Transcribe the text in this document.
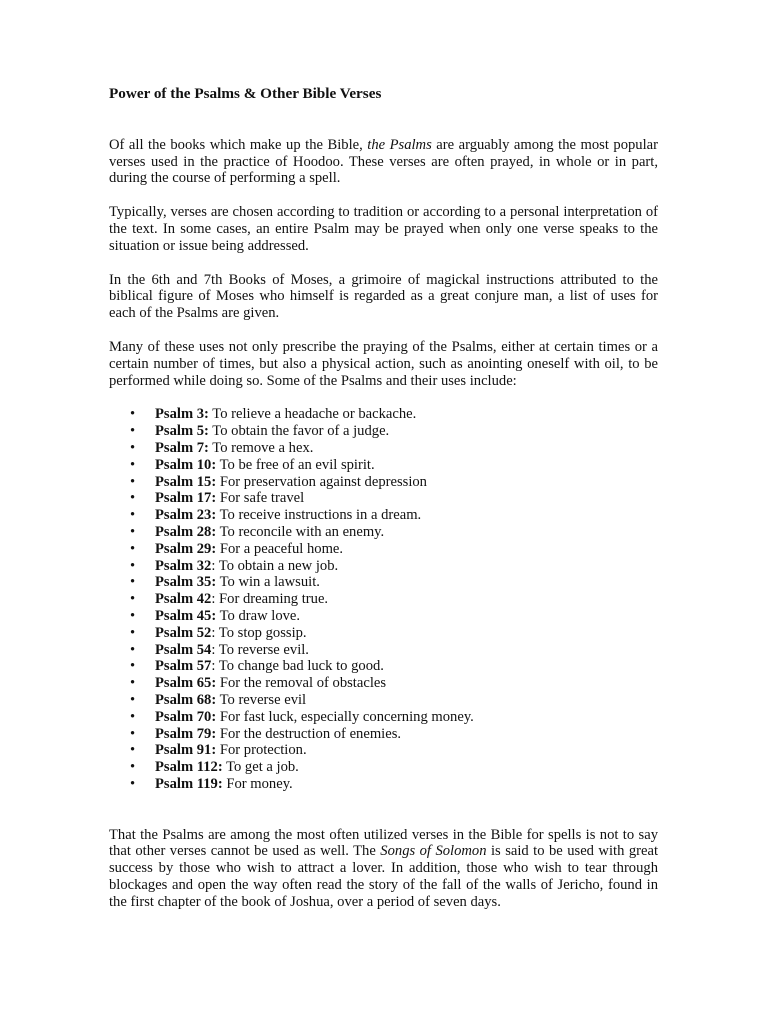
Power of the Psalms & Other Bible Verses

Of all the books which make up the Bible, the Psalms are arguably among the most popular verses used in the practice of Hoodoo. These verses are often prayed, in whole or in part, during the course of performing a spell.

Typically, verses are chosen according to tradition or according to a personal interpretation of the text. In some cases, an entire Psalm may be prayed when only one verse speaks to the situation or issue being addressed.

In the 6th and 7th Books of Moses, a grimoire of magickal instructions attributed to the biblical figure of Moses who himself is regarded as a great conjure man, a list of uses for each of the Psalms are given.

Many of these uses not only prescribe the praying of the Psalms, either at certain times or a certain number of times, but also a physical action, such as anointing oneself with oil, to be performed while doing so. Some of the Psalms and their uses include:

• Psalm 3: To relieve a headache or backache.
• Psalm 5: To obtain the favor of a judge.
• Psalm 7: To remove a hex.
• Psalm 10: To be free of an evil spirit.
• Psalm 15: For preservation against depression
• Psalm 17: For safe travel
• Psalm 23: To receive instructions in a dream.
• Psalm 28: To reconcile with an enemy.
• Psalm 29: For a peaceful home.
• Psalm 32: To obtain a new job.
• Psalm 35: To win a lawsuit.
• Psalm 42: For dreaming true.
• Psalm 45: To draw love.
• Psalm 52: To stop gossip.
• Psalm 54: To reverse evil.
• Psalm 57: To change bad luck to good.
• Psalm 65: For the removal of obstacles
• Psalm 68: To reverse evil
• Psalm 70: For fast luck, especially concerning money.
• Psalm 79: For the destruction of enemies.
• Psalm 91: For protection.
• Psalm 112: To get a job.
• Psalm 119: For money.

That the Psalms are among the most often utilized verses in the Bible for spells is not to say that other verses cannot be used as well. The Songs of Solomon is said to be used with great success by those who wish to attract a lover. In addition, those who wish to tear through blockages and open the way often read the story of the fall of the walls of Jericho, found in the first chapter of the book of Joshua, over a period of seven days.
